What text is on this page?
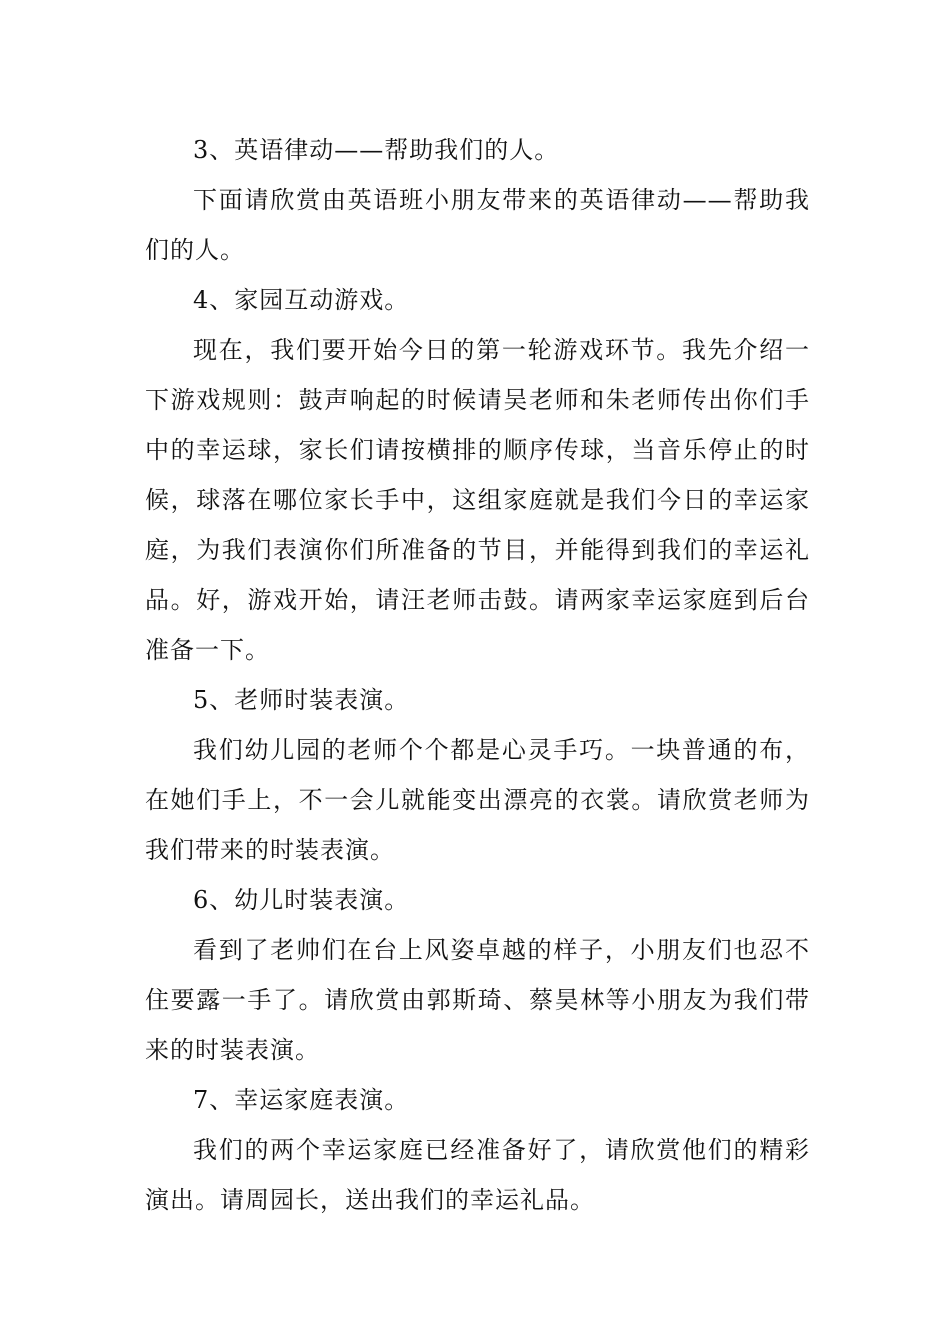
3、英语律动——帮助我们的人。

下面请欣赏由英语班小朋友带来的英语律动——帮助我们的人。

4、家园互动游戏。

现在，我们要开始今日的第一轮游戏环节。我先介绍一下游戏规则：鼓声响起的时候请吴老师和朱老师传出你们手中的幸运球，家长们请按横排的顺序传球，当音乐停止的时候，球落在哪位家长手中，这组家庭就是我们今日的幸运家庭，为我们表演你们所准备的节目，并能得到我们的幸运礼品。好，游戏开始，请汪老师击鼓。请两家幸运家庭到后台准备一下。

5、老师时装表演。

我们幼儿园的老师个个都是心灵手巧。一块普通的布，在她们手上，不一会儿就能变出漂亮的衣裳。请欣赏老师为我们带来的时装表演。

6、幼儿时装表演。

看到了老帅们在台上风姿卓越的样子，小朋友们也忍不住要露一手了。请欣赏由郭斯琦、蔡昊林等小朋友为我们带来的时装表演。

7、幸运家庭表演。

我们的两个幸运家庭已经准备好了，请欣赏他们的精彩演出。请周园长，送出我们的幸运礼品。
